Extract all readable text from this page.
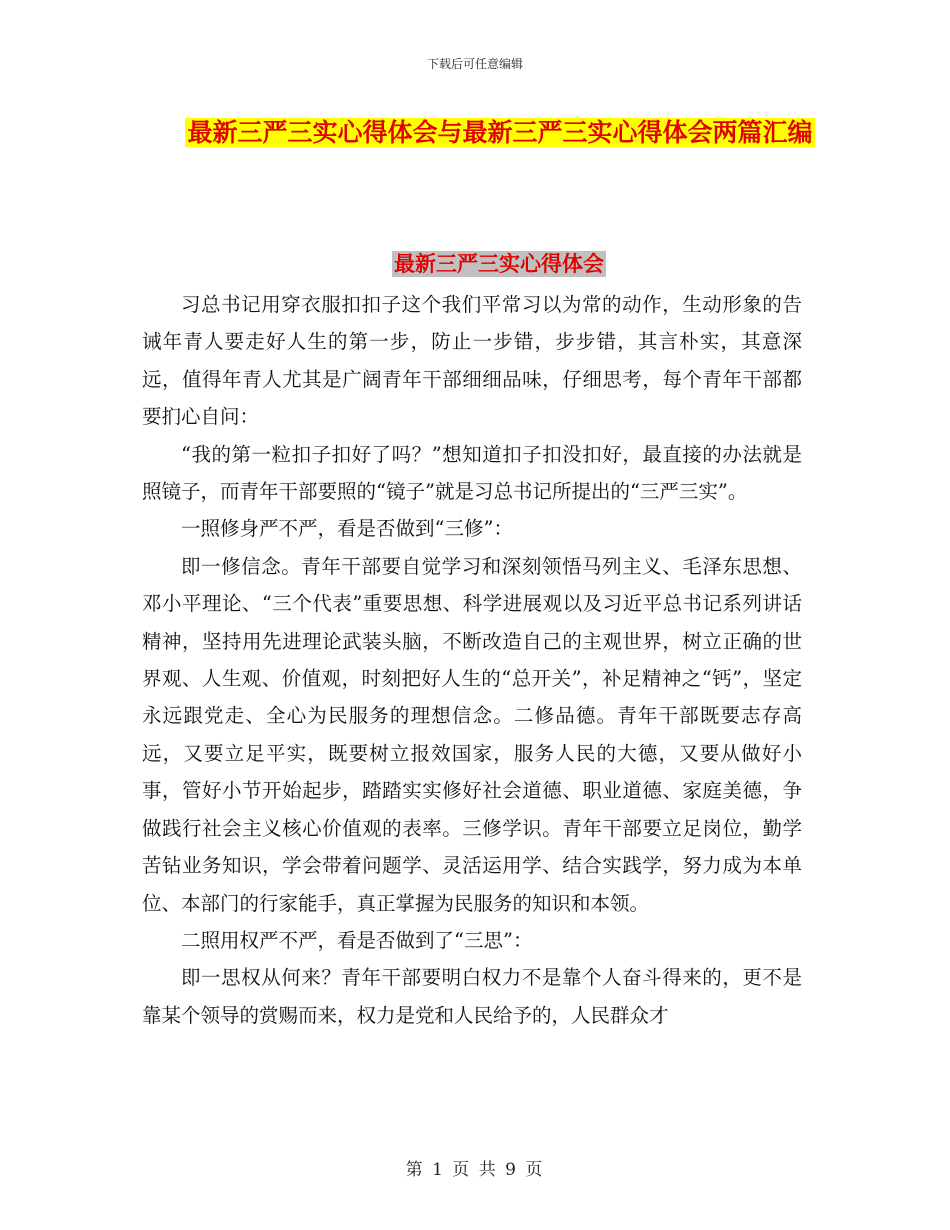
下载后可任意编辑
最新三严三实心得体会与最新三严三实心得体会两篇汇编
最新三严三实心得体会

习总书记用穿衣服扣扣子这个我们平常习以为常的动作，生动形象的告诫年青人要走好人生的第一步，防止一步错，步步错，其言朴实，其意深远，值得年青人尤其是广阔青年干部细细品味，仔细思考，每个青年干部都要扪心自问：

“我的第一粒扣子扣好了吗？”想知道扣子扣没扣好，最直接的办法就是照镜子，而青年干部要照的“镜子”就是习总书记所提出的“三严三实”。

一照修身严不严，看是否做到“三修”：

即一修信念。青年干部要自觉学习和深刻领悟马列主义、毛泽东思想、邓小平理论、“三个代表”重要思想、科学进展观以及习近平总书记系列讲话精神，坚持用先进理论武装头脑，不断改造自己的主观世界，树立正确的世界观、人生观、价值观，时刻把好人生的“总开关”，补足精神之“钙”，坚定永远跟党走、全心为民服务的理想信念。二修品德。青年干部既要志存高远，又要立足平实，既要树立报效国家，服务人民的大德，又要从做好小事，管好小节开始起步，踏踏实实修好社会道德、职业道德、家庭美德，争做践行社会主义核心价值观的表率。三修学识。青年干部要立足岗位，勤学苦钻业务知识，学会带着问题学、灵活运用学、结合实践学，努力成为本单位、本部门的行家能手，真正掌握为民服务的知识和本领。

二照用权严不严，看是否做到了“三思”：

即一思权从何来？青年干部要明白权力不是靠个人奋斗得来的，更不是靠某个领导的赏赐而来，权力是党和人民给予的，人民群众才

第 1 页 共 9 页
